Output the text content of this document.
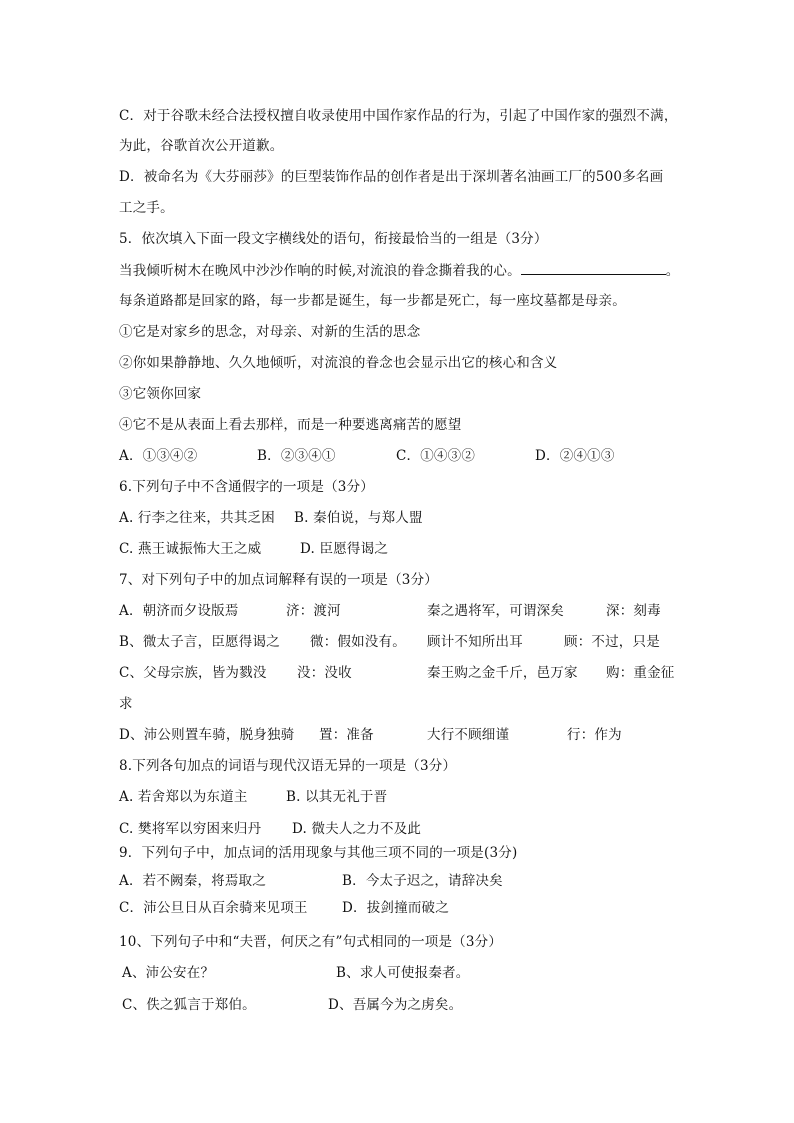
C．对于谷歌未经合法授权擅自收录使用中国作家作品的行为，引起了中国作家的强烈不满，
为此，谷歌首次公开道歉。
D．被命名为《大芬丽莎》的巨型装饰作品的创作者是出于深圳著名油画工厂的500多名画
工之手。
5．依次填入下面一段文字横线处的语句，衔接最恰当的一组是（3分）
当我倾听树木在晚风中沙沙作响的时候,对流浪的眷念撕着我的心。	。
每条道路都是回家的路，每一步都是诞生，每一步都是死亡，每一座坟墓都是母亲。
①它是对家乡的思念，对母亲、对新的生活的思念
②你如果静静地、久久地倾听，对流浪的眷念也会显示出它的核心和含义
③它领你回家
④它不是从表面上看去那样，而是一种要逃离痛苦的愿望
A．①③④②	B．②③④①	C．①④③②	D．②④①③
6.下列句子中不含通假字的一项是（3分）
A. 行李之往来，共其乏困 B. 秦伯说，与郑人盟
C. 燕王诚振怖大王之威	D. 臣愿得谒之
7、对下列句子中的加点词解释有误的一项是（3分）
A．朝济而夕设版焉	济：渡河	秦之遇将军，可谓深矣	深：刻毒
B、微太子言，臣愿得谒之 微：假如没有。 顾计不知所出耳	顾：不过，只是
C、父母宗族，皆为戮没 没：没收	秦王购之金千斤，邑万家 购：重金征
求
D、沛公则置车骑，脱身独骑 置：准备	大行不顾细谨	行：作为
8.下列各句加点的词语与现代汉语无异的一项是（3分）
A. 若舍郑以为东道主	B. 以其无礼于晋
C. 樊将军以穷困来归丹 D. 微夫人之力不及此
9．下列句子中，加点词的活用现象与其他三项不同的一项是(3分)
A．若不阙秦，将焉取之	B．今太子迟之，请辞决矣
C．沛公旦日从百余骑来见项王	D．拔剑撞而破之
10、下列句子中和“夫晋，何厌之有”句式相同的一项是（3分）
A、沛公安在？	B、求人可使报秦者。
C、佚之狐言于郑伯。	D、吾属今为之虏矣。
